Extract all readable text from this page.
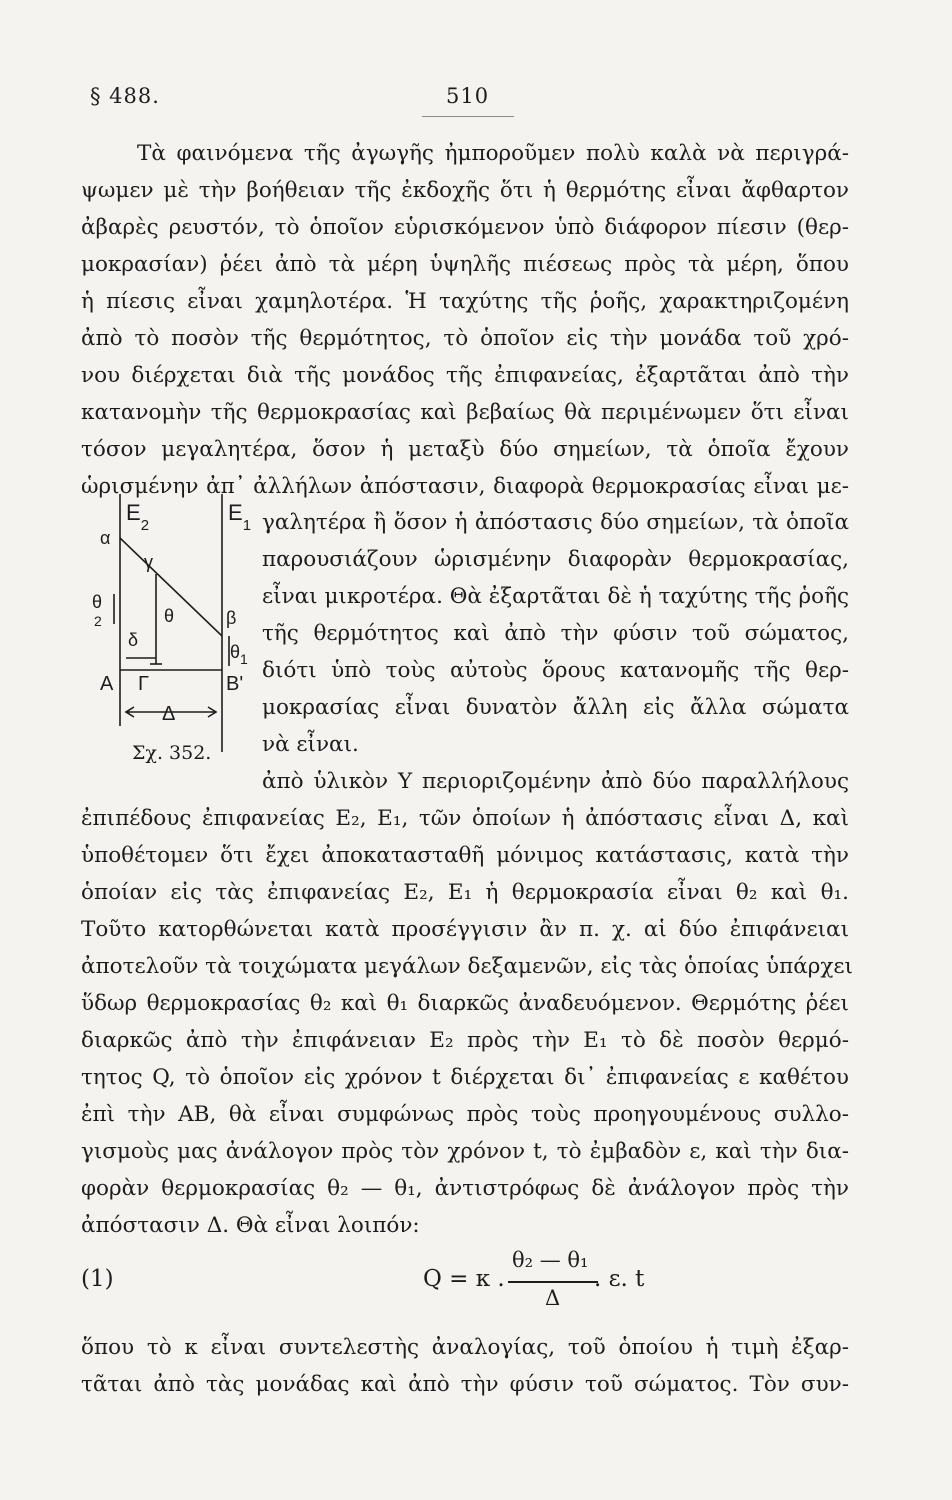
§ 488.	510
Τὰ φαινόμενα τῆς ἀγωγῆς ἠμποροῦμεν πολὺ καλὰ νὰ περιγρά-
ψωμεν μὲ τὴν βοήθειαν τῆς ἐκδοχῆς ὅτι ἡ θερμότης εἶναι ἄφθαρτον
ἀβαρὲς ρευστόν, τὸ ὁποῖον εὑρισκόμενον ὑπὸ διάφορον πίεσιν (θερ-
μοκρασίαν) ῥέει ἀπὸ τὰ μέρη ὑψηλῆς πιέσεως πρὸς τὰ μέρη, ὅπου
ἡ πίεσις εἶναι χαμηλοτέρα. Ἡ ταχύτης τῆς ῥοῆς, χαρακτηριζομένη
ἀπὸ τὸ ποσὸν τῆς θερμότητος, τὸ ὁποῖον εἰς τὴν μονάδα τοῦ χρό-
νου διέρχεται διὰ τῆς μονάδος τῆς ἐπιφανείας, ἐξαρτᾶται ἀπὸ τὴν
κατανομὴν τῆς θερμοκρασίας καὶ βεβαίως θὰ περιμένωμεν ὅτι εἶναι
τόσον μεγαλητέρα, ὅσον ἡ μεταξὺ δύο σημείων, τὰ ὁποῖα ἔχουν
ὡρισμένην ἀπ᾽ ἀλλήλων ἀπόστασιν, διαφορὰ θερμοκρασίας εἶναι με-
γαλητέρα ἢ ὅσον ἡ ἀπόστασις δύο σημείων, τὰ ὁποῖα
παρουσιάζουν ὡρισμένην διαφορὰν θερμοκρασίας,
εἶναι μικροτέρα. Θὰ ἐξαρτᾶται δὲ ἡ ταχύτης τῆς ῥοῆς
τῆς θερμότητος καὶ ἀπὸ τὴν φύσιν τοῦ σώματος,
διότι ὑπὸ τοὺς αὐτοὺς ὅρους κατανομῆς τῆς θερ-
μοκρασίας εἶναι δυνατὸν ἄλλη εἰς ἄλλα σώματα
νὰ εἶναι.
$E_2$
$E_1$
α
γ
θ
θ
2
δ
β
$\theta_1$
A Γ	B'
Δ
Σχ. 352.
ἀπὸ ὑλικὸν Y περιοριζομένην ἀπὸ δύο παραλλήλους
ἐπιπέδους ἐπιφανείας E₂, E₁, τῶν ὁποίων ἡ ἀπόστασις εἶναι Δ, καὶ
ὑποθέτομεν ὅτι ἔχει ἀποκατασταθῆ μόνιμος κατάστασις, κατὰ τὴν
ὁποίαν εἰς τὰς ἐπιφανείας E₂, E₁ ἡ θερμοκρασία εἶναι θ₂ καὶ θ₁.
Τοῦτο κατορθώνεται κατὰ προσέγγισιν ἂν π. χ. αἱ δύο ἐπιφάνειαι
ἀποτελοῦν τὰ τοιχώματα μεγάλων δεξαμενῶν, εἰς τὰς ὁποίας ὑπάρχει
ὕδωρ θερμοκρασίας θ₂ καὶ θ₁ διαρκῶς ἀναδευόμενον. Θερμότης ῥέει
διαρκῶς ἀπὸ τὴν ἐπιφάνειαν E₂ πρὸς τὴν E₁ τὸ δὲ ποσὸν θερμό-
τητος Q, τὸ ὁποῖον εἰς χρόνον t διέρχεται δι᾽ ἐπιφανείας ε καθέτου
ἐπὶ τὴν AB, θὰ εἶναι συμφώνως πρὸς τοὺς προηγουμένους συλλο-
γισμοὺς μας ἀνάλογον πρὸς τὸν χρόνον t, τὸ ἐμβαδὸν ε, καὶ τὴν δια-
φορὰν θερμοκρασίας θ₂ — θ₁, ἀντιστρόφως δὲ ἀνάλογον πρὸς τὴν
ἀπόστασιν Δ. Θὰ εἶναι λοιπόν:
(1)	Q = κ .
θ₂ — θ₁
Δ
. ε. t
ὅπου τὸ κ εἶναι συντελεστὴς ἀναλογίας, τοῦ ὁποίου ἡ τιμὴ ἐξαρ-
τᾶται ἀπὸ τὰς μονάδας καὶ ἀπὸ τὴν φύσιν τοῦ σώματος. Τὸν συν-
